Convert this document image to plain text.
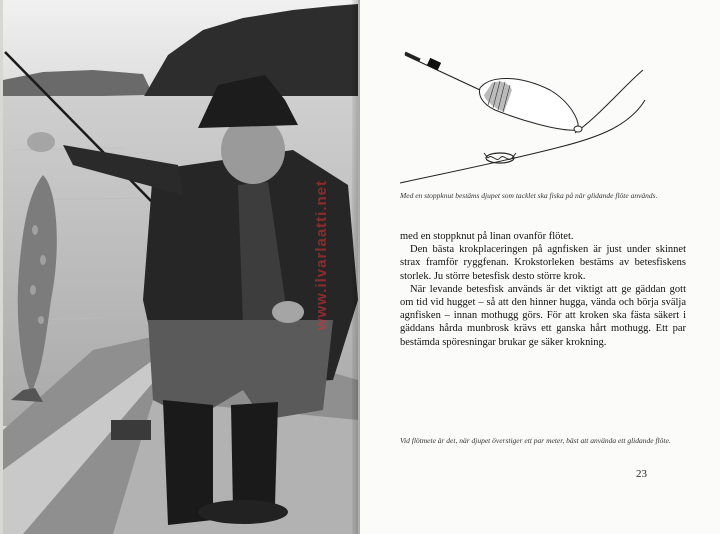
www.ilvarlaatti.net	Med en stoppknut bestäms djupet som tacklet ska fiska på när glidande flöte används.

med en stoppknut på linan ovanför flötet.

Den bästa krokplaceringen på agnfisken är just under skinnet strax framför ryggfenan. Krokstorleken bestäms av betesfiskens storlek. Ju större betesfisk desto större krok.

När levande betesfisk används är det viktigt att ge gäddan gott om tid vid hugget – så att den hinner hugga, vända och börja svälja agnfisken – innan mothugg görs. För att kroken ska fästa säkert i gäddans hårda munbrosk krävs ett ganska hårt mothugg. Ett par bestämda spöresningar brukar ge säker krokning.

Vid flötmete är det, när djupet överstiger ett par meter, bäst att använda ett glidande flöte.
23
